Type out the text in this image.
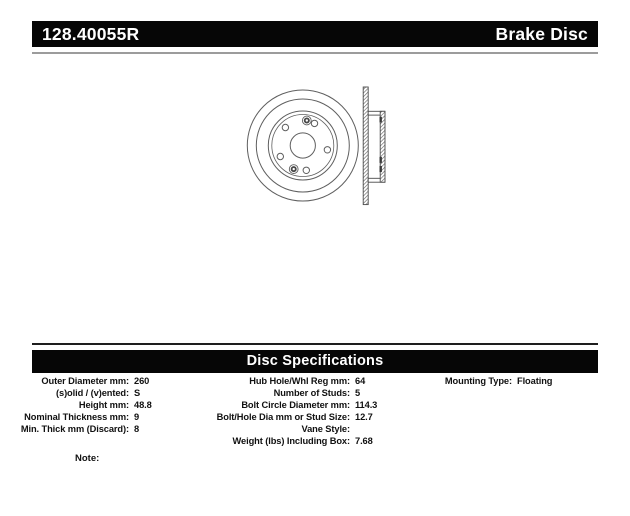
128.40055R	Brake Disc
Disc Specifications
Outer Diameter mm: 260
(s)olid / (v)ented: S
Height mm: 48.8
Nominal Thickness mm: 9
Min. Thick mm (Discard): 8
Hub Hole/Whl Reg mm: 64
Number of Studs: 5
Bolt Circle Diameter mm: 114.3
Bolt/Hole Dia mm or Stud Size: 12.7
Vane Style:
Weight (lbs) Including Box: 7.68
Mounting Type: Floating
Note:
